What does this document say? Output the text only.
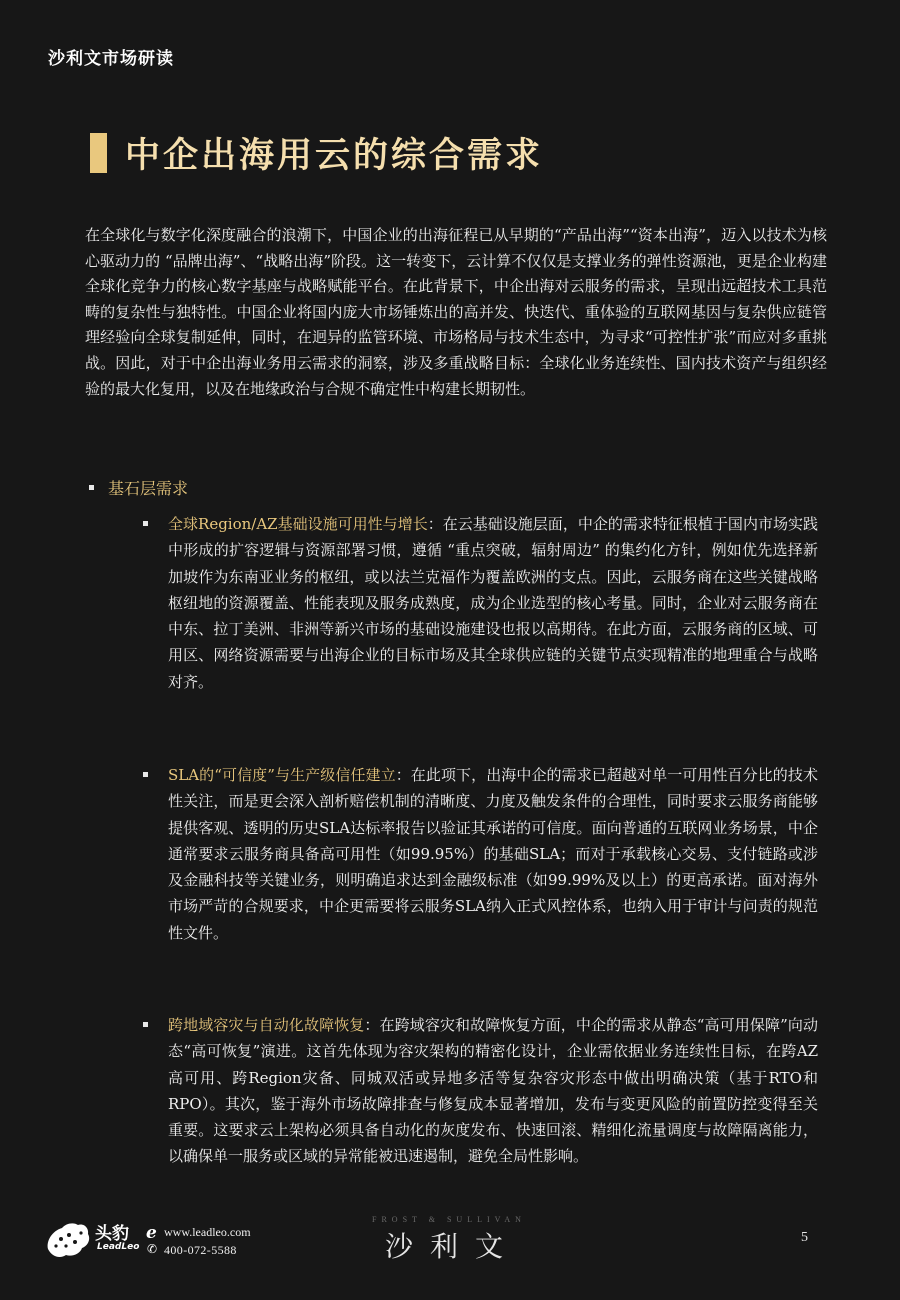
沙利文市场研读
中企出海用云的综合需求
在全球化与数字化深度融合的浪潮下，中国企业的出海征程已从早期的“产品出海”“资本出海”，迈入以技术为核心驱动力的 “品牌出海”、“战略出海”阶段。这一转变下，云计算不仅仅是支撑业务的弹性资源池，更是企业构建全球化竞争力的核心数字基座与战略赋能平台。在此背景下，中企出海对云服务的需求，呈现出远超技术工具范畴的复杂性与独特性。中国企业将国内庞大市场锤炼出的高并发、快迭代、重体验的互联网基因与复杂供应链管理经验向全球复制延伸，同时，在迥异的监管环境、市场格局与技术生态中，为寻求“可控性扩张”而应对多重挑战。因此，对于中企出海业务用云需求的洞察，涉及多重战略目标：全球化业务连续性、国内技术资产与组织经验的最大化复用，以及在地缘政治与合规不确定性中构建长期韧性。
基石层需求
全球Region/AZ基础设施可用性与增长：在云基础设施层面，中企的需求特征根植于国内市场实践中形成的扩容逻辑与资源部署习惯，遵循 “重点突破，辐射周边” 的集约化方针，例如优先选择新加坡作为东南亚业务的枢纽，或以法兰克福作为覆盖欧洲的支点。因此，云服务商在这些关键战略枢纽地的资源覆盖、性能表现及服务成熟度，成为企业选型的核心考量。同时，企业对云服务商在中东、拉丁美洲、非洲等新兴市场的基础设施建设也报以高期待。在此方面，云服务商的区域、可用区、网络资源需要与出海企业的目标市场及其全球供应链的关键节点实现精准的地理重合与战略对齐。
SLA的“可信度”与生产级信任建立：在此项下，出海中企的需求已超越对单一可用性百分比的技术性关注，而是更会深入剖析赔偿机制的清晰度、力度及触发条件的合理性，同时要求云服务商能够提供客观、透明的历史SLA达标率报告以验证其承诺的可信度。面向普通的互联网业务场景，中企通常要求云服务商具备高可用性（如99.95%）的基础SLA；而对于承载核心交易、支付链路或涉及金融科技等关键业务，则明确追求达到金融级标准（如99.99%及以上）的更高承诺。面对海外市场严苛的合规要求，中企更需要将云服务SLA纳入正式风控体系，也纳入用于审计与问责的规范性文件。
跨地域容灾与自动化故障恢复：在跨域容灾和故障恢复方面，中企的需求从静态“高可用保障”向动态“高可恢复”演进。这首先体现为容灾架构的精密化设计，企业需依据业务连续性目标，在跨AZ高可用、跨Region灾备、同城双活或异地多活等复杂容灾形态中做出明确决策（基于RTO和RPO）。其次，鉴于海外市场故障排查与修复成本显著增加，发布与变更风险的前置防控变得至关重要。这要求云上架构必须具备自动化的灰度发布、快速回滚、精细化流量调度与故障隔离能力，以确保单一服务或区域的异常能被迅速遏制，避免全局性影响。
头豹
LeadLeo
e
✆
www.leadleo.com
400-072-5588
FROST & SULLIVAN
沙利文	5
